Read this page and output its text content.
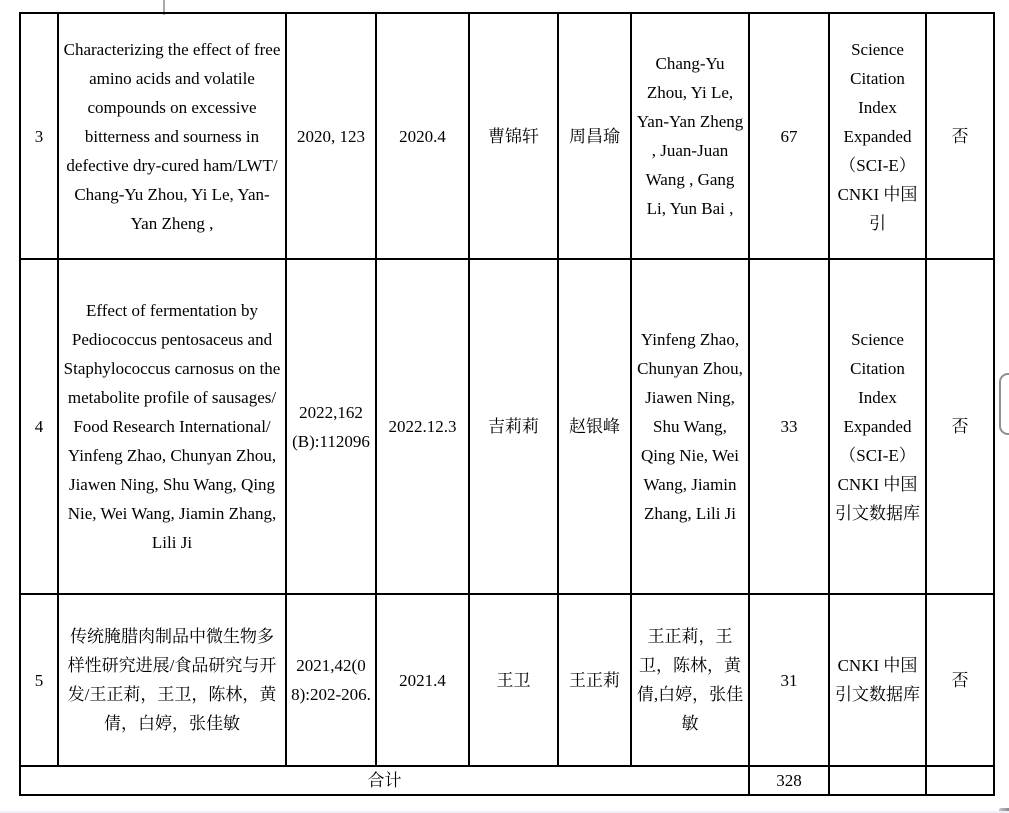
3	Characterizing the effect of free amino acids and volatile compounds on excessive bitterness and sourness in defective dry-cured ham/LWT/ Chang-Yu Zhou, Yi Le, Yan-Yan Zheng ,	2020, 123	2020.4	曹锦轩	周昌瑜	Chang-Yu Zhou, Yi Le, Yan-Yan Zheng , Juan-Juan Wang , Gang Li, Yun Bai ,	67	Science Citation Index Expanded （SCI-E） CNKI 中国引	否
4	Effect of fermentation by Pediococcus pentosaceus and Staphylococcus carnosus on the metabolite profile of sausages/ Food Research International/ Yinfeng Zhao, Chunyan Zhou, Jiawen Ning, Shu Wang, Qing Nie, Wei Wang, Jiamin Zhang, Lili Ji	2022,162(B):112096	2022.12.3	吉莉莉	赵银峰	Yinfeng Zhao, Chunyan Zhou, Jiawen Ning, Shu Wang, Qing Nie, Wei Wang, Jiamin Zhang, Lili Ji	33	Science Citation Index Expanded （SCI-E） CNKI 中国引文数据库	否
5	传统腌腊肉制品中微生物多样性研究进展/食品研究与开发/王正莉，王卫，陈林，黄倩，白婷，张佳敏	2021,42(08):202-206.	2021.4	王卫	王正莉	王正莉，王卫，陈林，黄倩,白婷，张佳敏	31	CNKI 中国引文数据库	否
合计							328		
